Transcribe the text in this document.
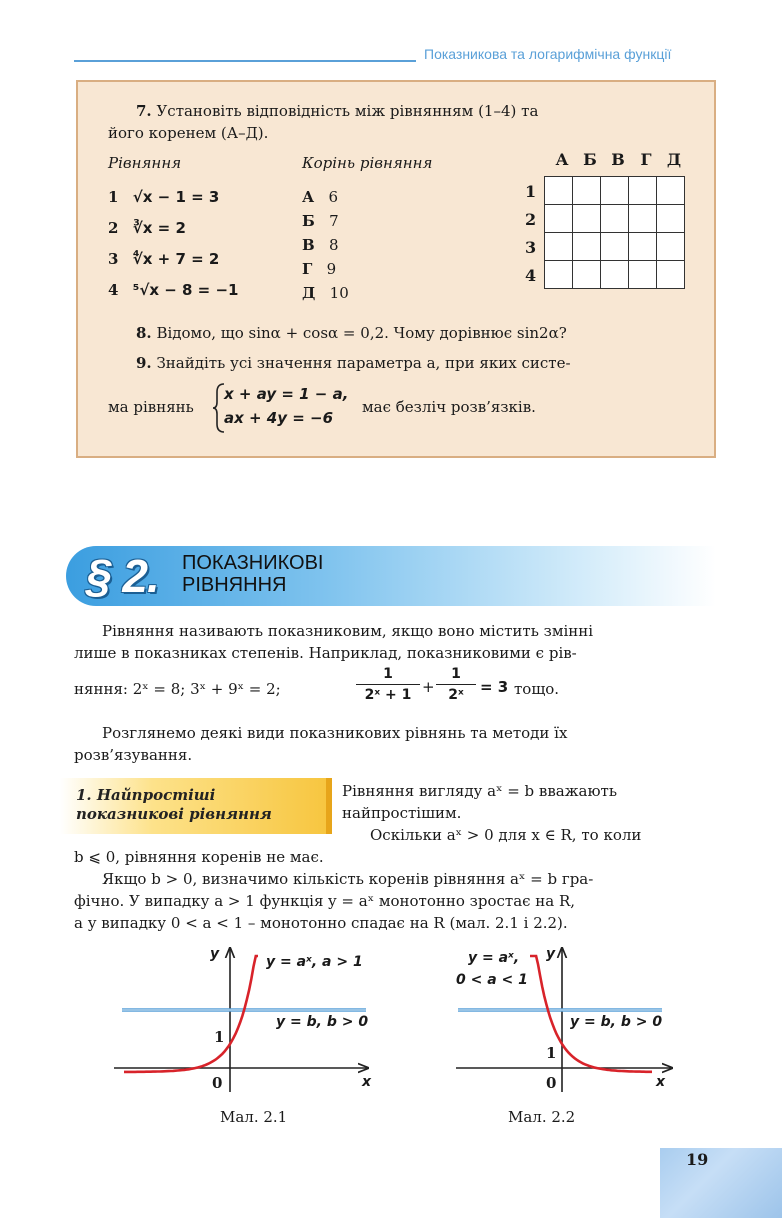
Показникова та логарифмічна функції
7. Установіть відповідність між рівнянням (1–4) та
його коренем (А–Д).
Рівняння	Корінь рівняння
1 √x − 1 = 3
2 ∛x = 2
3 ∜x + 7 = 2
4 ⁵√x − 8 = −1
А 6
Б 7
В 8
Г 9
Д 10
А Б В Г Д
1
2
3
4

8. Відомо, що sinα + cosα = 0,2. Чому дорівнює sin2α?
9. Знайдіть усі значення параметра a, при яких систе-
ма рівнянь
x + ay = 1 − a,
ax + 4y = −6
має безліч розв’язків.
§ 2. ПОКАЗНИКОВІ
РІВНЯННЯ
Рівняння називають показниковим, якщо воно містить змінні
лише в показниках степенів. Наприклад, показниковими є рів-
няння: 2ˣ = 8; 3ˣ + 9ˣ = 2;
1
2ˣ + 1 +
1
2ˣ	= 3 тощо.
Розглянемо деякі види показникових рівнянь та методи їх
розв’язування.
1. Найпростіші
показникові рівняння
Рівняння вигляду aˣ = b вважають
найпростішим.
Оскільки aˣ > 0 для x ∈ R, то коли
b ⩽ 0, рівняння коренів не має.
Якщо b > 0, визначимо кількість коренів рівняння aˣ = b гра-
фічно. У випадку a > 1 функція y = aˣ монотонно зростає на R,
а у випадку 0 < a < 1 – монотонно спадає на R (мал. 2.1 і 2.2).
y	y = aˣ, a > 1
y = b, b > 0
1
0	x
Мал. 2.1
y = aˣ,
0 < a < 1
y
y = b, b > 0
1
0	x
Мал. 2.2
19
